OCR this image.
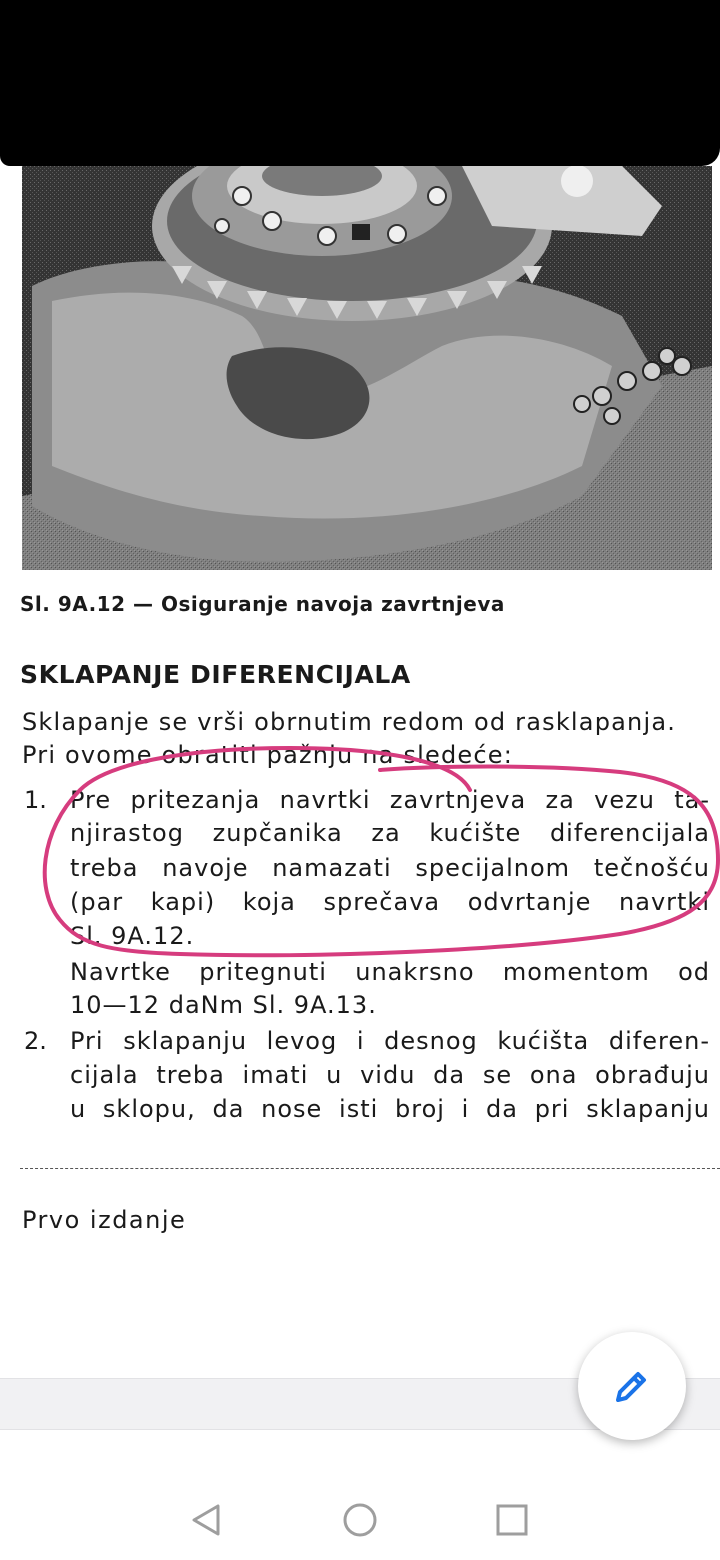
Sl. 9A.12 — Osiguranje navoja zavrtnjeva
SKLAPANJE DIFERENCIJALA
Sklapanje se vrši obrnutim redom od rasklapanja.
Pri ovome obratiti pažnju na sledeće:
1. Pre pritezanja navrtki zavrtnjeva za vezu ta-
njirastog zupčanika za kućište diferencijala
treba navoje namazati specijalnom tečnošću
(par kapi) koja sprečava odvrtanje navrtki
Sl. 9A.12.
Navrtke pritegnuti unakrsno momentom od
10—12 daNm Sl. 9A.13.
2. Pri sklapanju levog i desnog kućišta diferen-
cijala treba imati u vidu da se ona obrađuju
u sklopu, da nose isti broj i da pri sklapanju
Prvo izdanje
